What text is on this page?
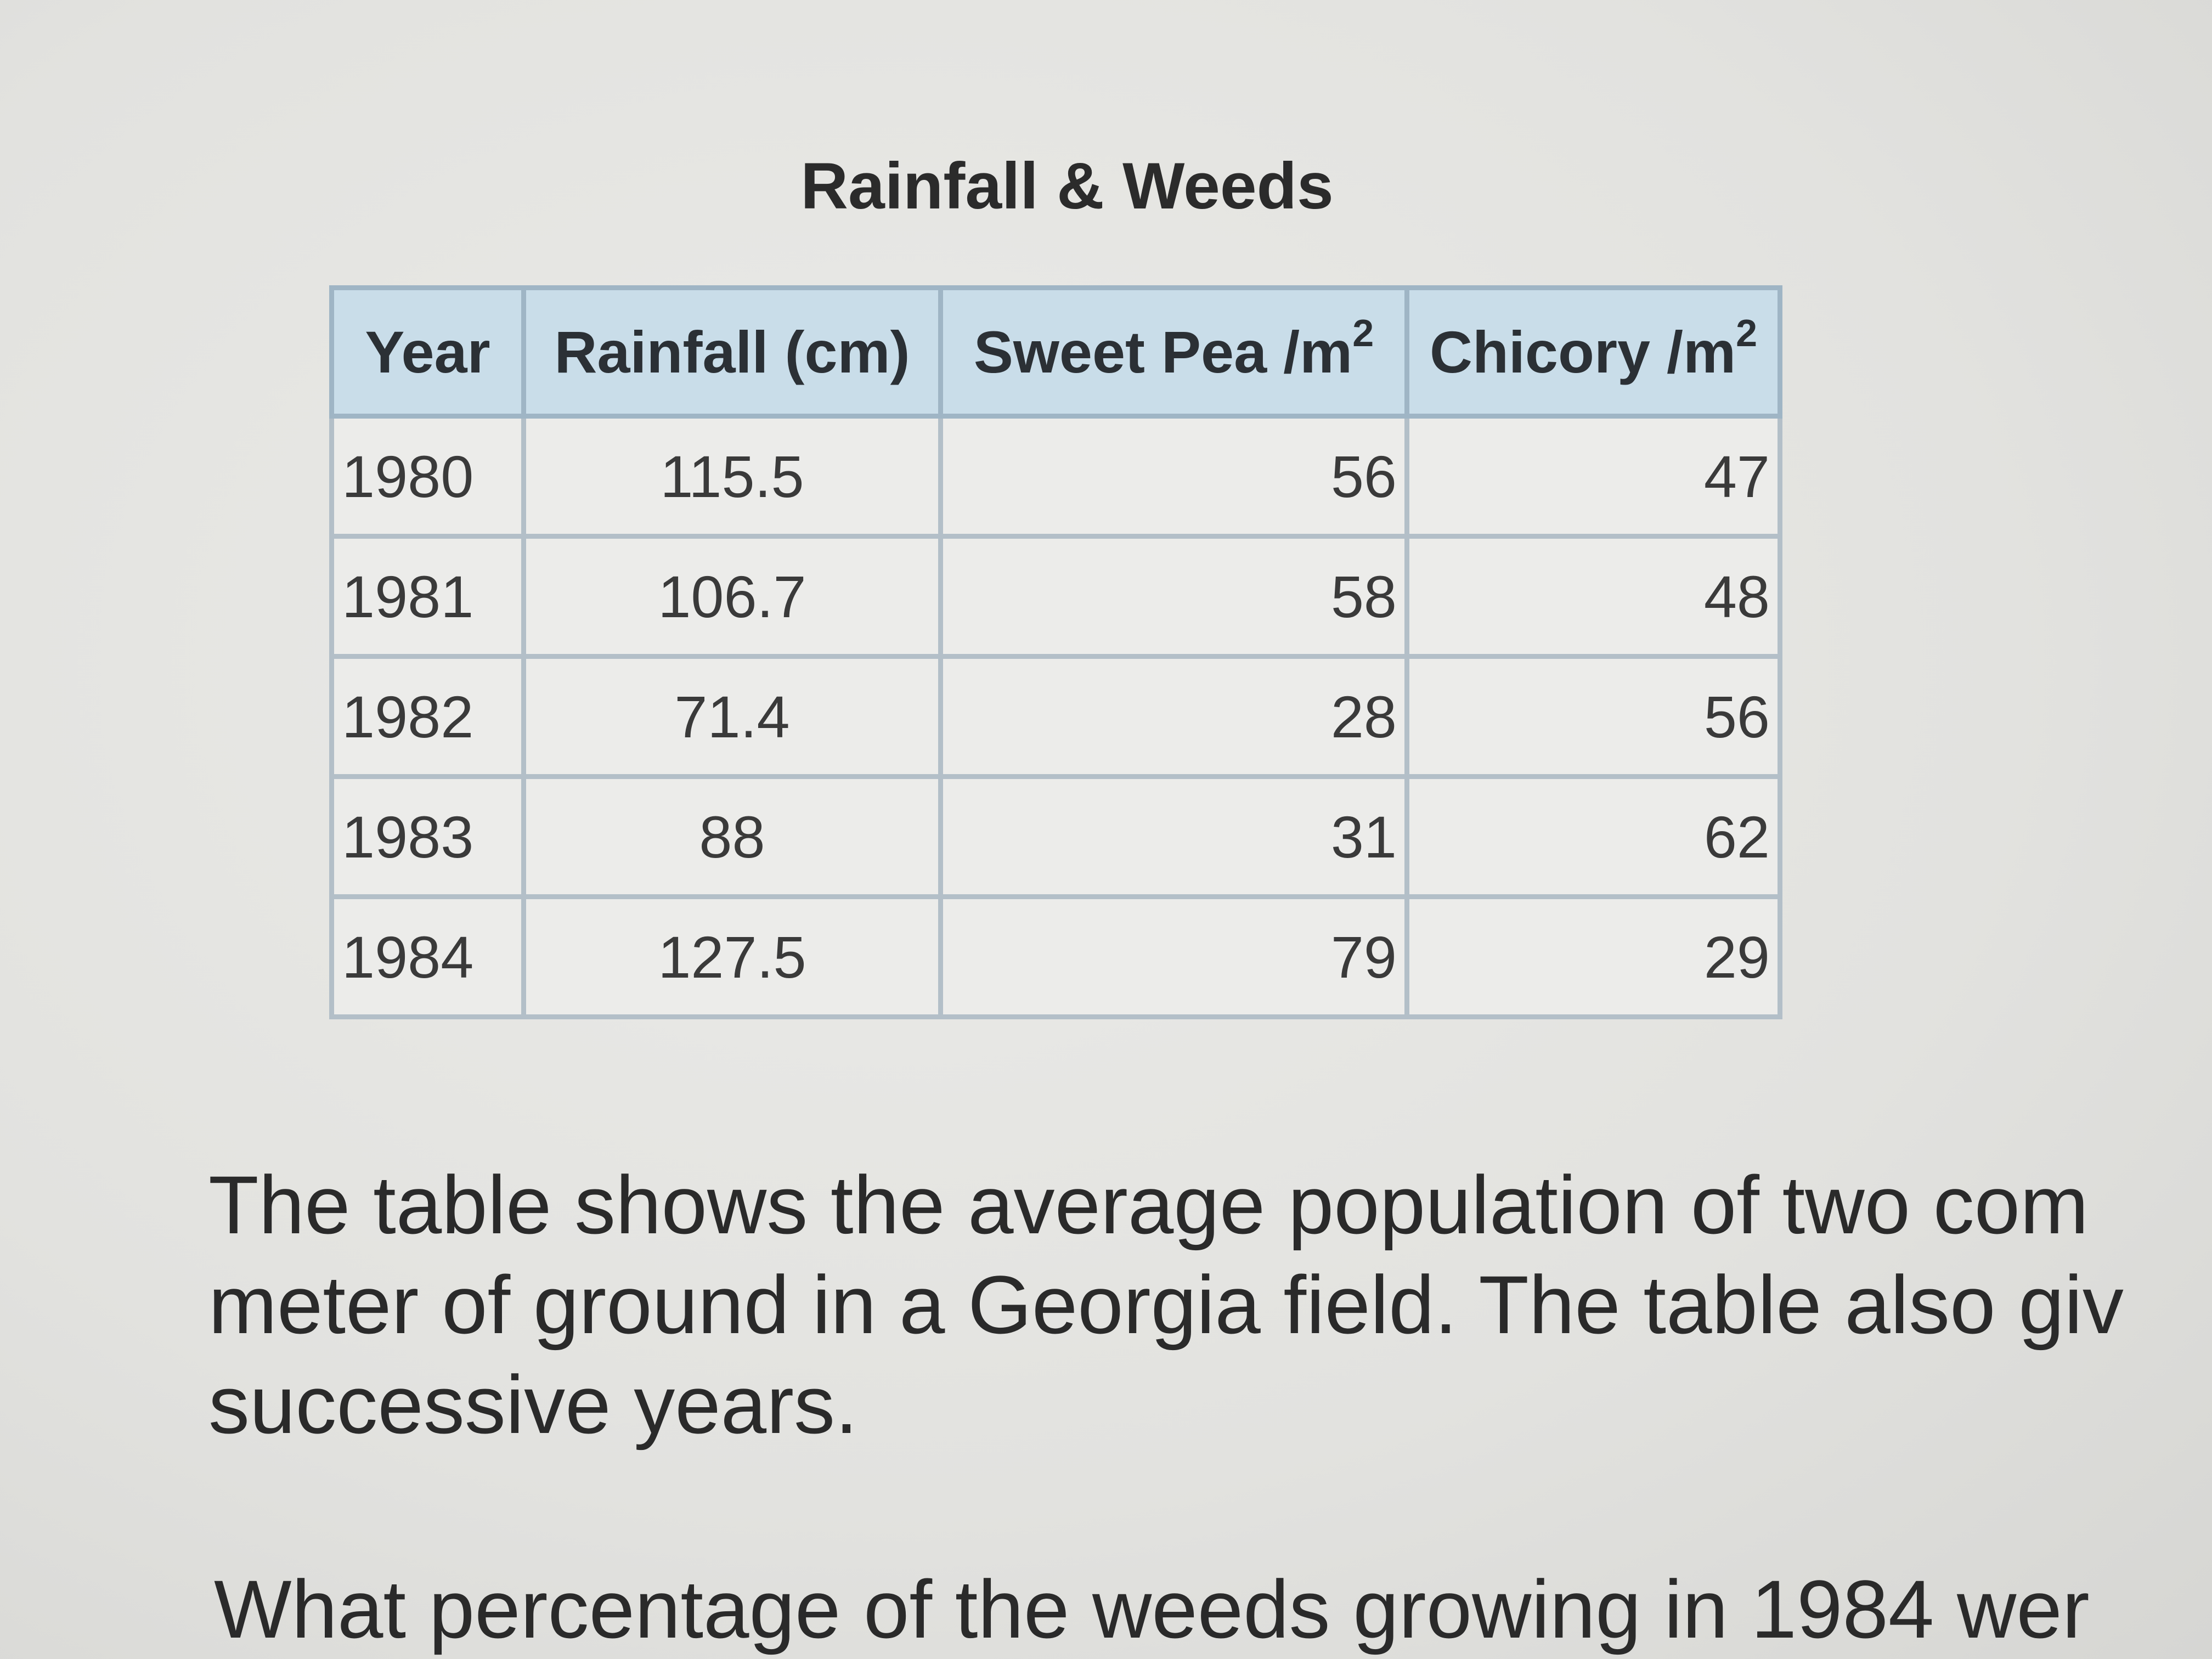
Rainfall & Weeds
Year	Rainfall (cm)	Sweet Pea $/m^2$	Chicory $/m^2$
1980	115.5	56	47
1981	106.7	58	48
1982	71.4	28	56
1983	88	31	62
1984	127.5	79	29
The table shows the average population of two com
meter of ground in a Georgia field. The table also giv
successive years.
What percentage of the weeds growing in 1984 wer
